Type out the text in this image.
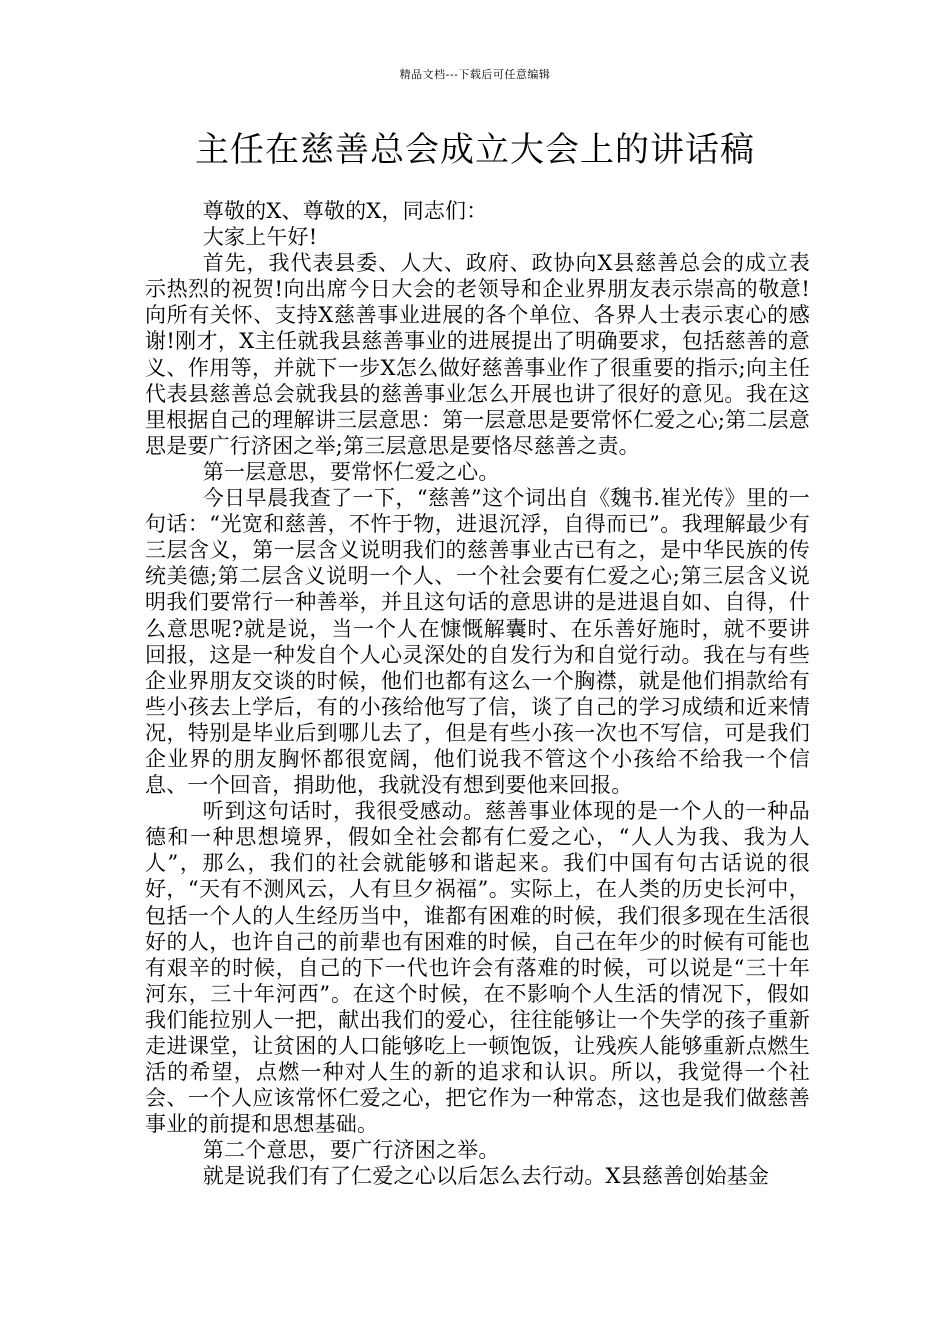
精品文档---下载后可任意编辑
主任在慈善总会成立大会上的讲话稿

尊敬的X、尊敬的X，同志们：

大家上午好!

首先，我代表县委、人大、政府、政协向X县慈善总会的成立表示热烈的祝贺!向出席今日大会的老领导和企业界朋友表示崇高的敬意!向所有关怀、支持X慈善事业进展的各个单位、各界人士表示衷心的感谢!刚才，X主任就我县慈善事业的进展提出了明确要求，包括慈善的意义、作用等，并就下一步X怎么做好慈善事业作了很重要的指示;向主任代表县慈善总会就我县的慈善事业怎么开展也讲了很好的意见。我在这里根据自己的理解讲三层意思：第一层意思是要常怀仁爱之心;第二层意思是要广行济困之举;第三层意思是要恪尽慈善之责。

第一层意思，要常怀仁爱之心。

今日早晨我查了一下，“慈善”这个词出自《魏书.崔光传》里的一句话：“光宽和慈善，不忤于物，进退沉浮，自得而已”。我理解最少有三层含义，第一层含义说明我们的慈善事业古已有之，是中华民族的传统美德;第二层含义说明一个人、一个社会要有仁爱之心;第三层含义说明我们要常行一种善举，并且这句话的意思讲的是进退自如、自得，什么意思呢?就是说，当一个人在慷慨解囊时、在乐善好施时，就不要讲回报，这是一种发自个人心灵深处的自发行为和自觉行动。我在与有些企业界朋友交谈的时候，他们也都有这么一个胸襟，就是他们捐款给有些小孩去上学后，有的小孩给他写了信，谈了自己的学习成绩和近来情况，特别是毕业后到哪儿去了，但是有些小孩一次也不写信，可是我们企业界的朋友胸怀都很宽阔，他们说我不管这个小孩给不给我一个信息、一个回音，捐助他，我就没有想到要他来回报。

听到这句话时，我很受感动。慈善事业体现的是一个人的一种品德和一种思想境界，假如全社会都有仁爱之心，“人人为我、我为人人”，那么，我们的社会就能够和谐起来。我们中国有句古话说的很好，“天有不测风云，人有旦夕祸福”。实际上，在人类的历史长河中，包括一个人的人生经历当中，谁都有困难的时候，我们很多现在生活很好的人，也许自己的前辈也有困难的时候，自己在年少的时候有可能也有艰辛的时候，自己的下一代也许会有落难的时候，可以说是“三十年河东，三十年河西”。在这个时候，在不影响个人生活的情况下，假如我们能拉别人一把，献出我们的爱心，往往能够让一个失学的孩子重新走进课堂，让贫困的人口能够吃上一顿饱饭，让残疾人能够重新点燃生活的希望，点燃一种对人生的新的追求和认识。所以，我觉得一个社会、一个人应该常怀仁爱之心，把它作为一种常态，这也是我们做慈善事业的前提和思想基础。

第二个意思，要广行济困之举。

就是说我们有了仁爱之心以后怎么去行动。X县慈善创始基金
